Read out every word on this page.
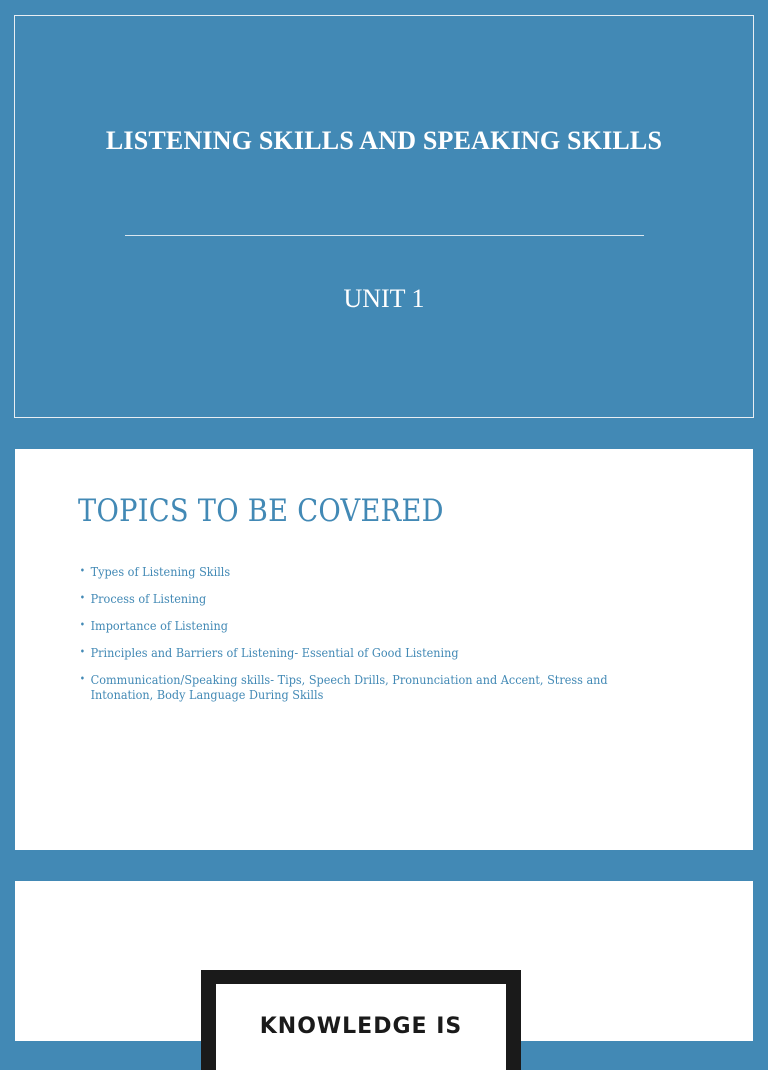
LISTENING SKILLS AND SPEAKING SKILLS
UNIT 1
TOPICS TO BE COVERED
• Types of Listening Skills
• Process of Listening
• Importance of Listening
• Principles and Barriers of Listening- Essential of Good Listening
• Communication/Speaking skills- Tips, Speech Drills, Pronunciation and Accent, Stress and Intonation, Body Language During Skills
KNOWLEDGE IS
